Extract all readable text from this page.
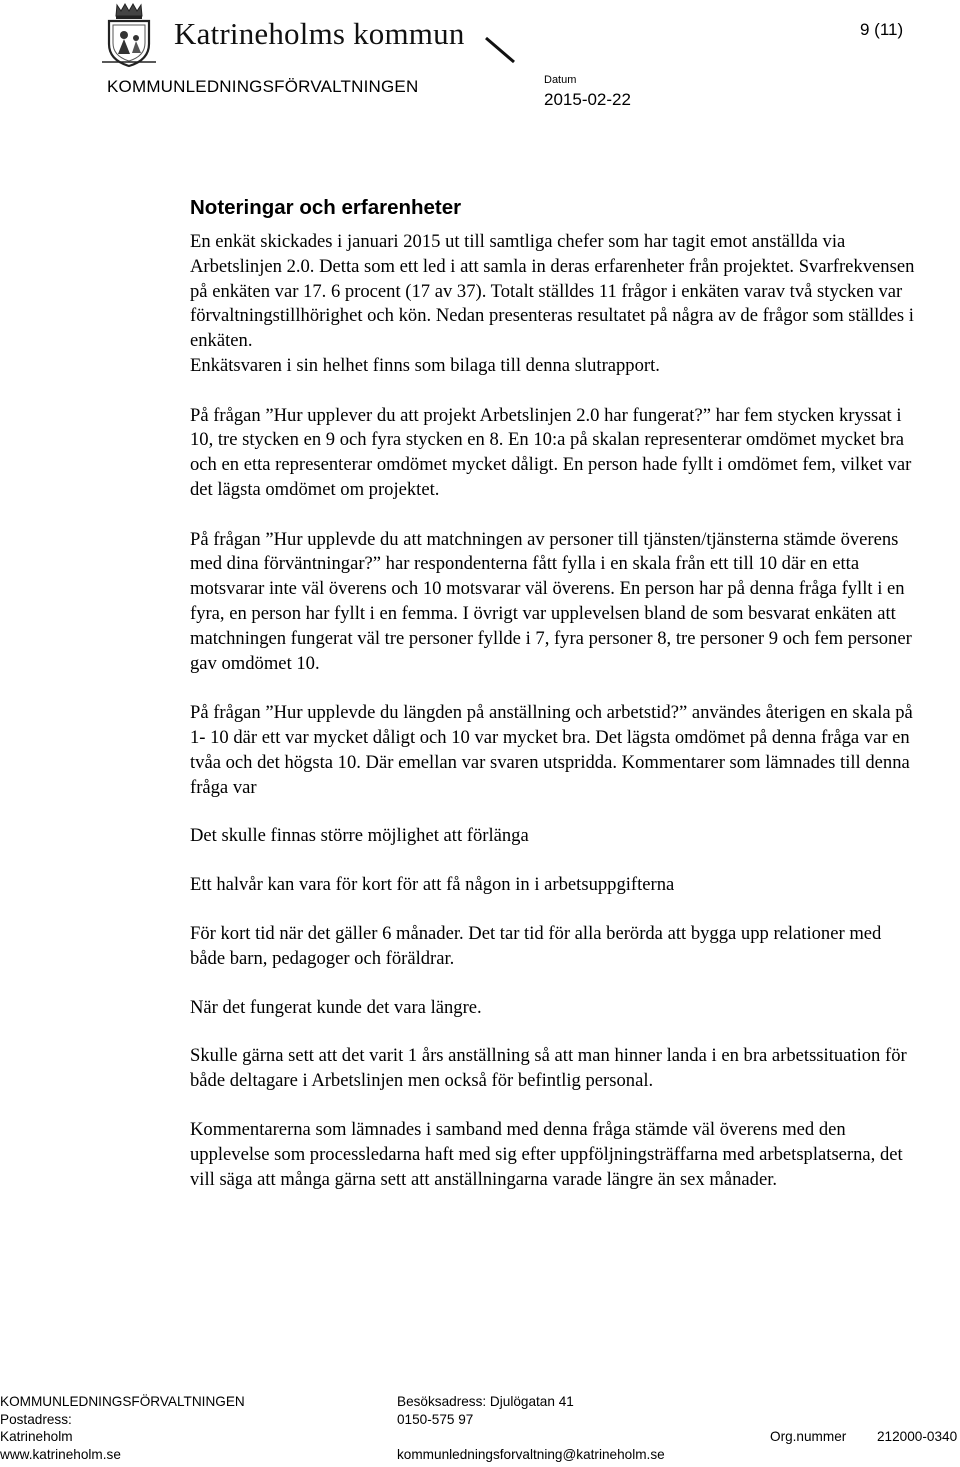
Katrineholms kommun	9 (11)
KOMMUNLEDNINGSFÖRVALTNINGEN	Datum
2015-02-22
Noteringar och erfarenheter

En enkät skickades i januari 2015 ut till samtliga chefer som har tagit emot anställda via Arbetslinjen 2.0. Detta som ett led i att samla in deras erfarenheter från projektet. Svarfrekvensen på enkäten var 17. 6 procent (17 av 37). Totalt ställdes 11 frågor i enkäten varav två stycken var förvaltningstillhörighet och kön. Nedan presenteras resultatet på några av de frågor som ställdes i enkäten.

Enkätsvaren i sin helhet finns som bilaga till denna slutrapport.

På frågan ”Hur upplever du att projekt Arbetslinjen 2.0 har fungerat?” har fem stycken kryssat i 10, tre stycken en 9 och fyra stycken en 8. En 10:a på skalan representerar omdömet mycket bra och en etta representerar omdömet mycket dåligt. En person hade fyllt i omdömet fem, vilket var det lägsta omdömet om projektet.

På frågan ”Hur upplevde du att matchningen av personer till tjänsten/tjänsterna stämde överens med dina förväntningar?” har respondenterna fått fylla i en skala från ett till 10 där en etta motsvarar inte väl överens och 10 motsvarar väl överens. En person har på denna fråga fyllt i en fyra, en person har fyllt i en femma. I övrigt var upplevelsen bland de som besvarat enkäten att matchningen fungerat väl tre personer fyllde i 7, fyra personer 8, tre personer 9 och fem personer gav omdömet 10.

På frågan ”Hur upplevde du längden på anställning och arbetstid?” användes återigen en skala på 1- 10 där ett var mycket dåligt och 10 var mycket bra. Det lägsta omdömet på denna fråga var en tvåa och det högsta 10. Där emellan var svaren utspridda. Kommentarer som lämnades till denna fråga var

Det skulle finnas större möjlighet att förlänga

Ett halvår kan vara för kort för att få någon in i arbetsuppgifterna

För kort tid när det gäller 6 månader. Det tar tid för alla berörda att bygga upp relationer med både barn, pedagoger och föräldrar.

När det fungerat kunde det vara längre.

Skulle gärna sett att det varit 1 års anställning så att man hinner landa i en bra arbetssituation för både deltagare i Arbetslinjen men också för befintlig personal.

Kommentarerna som lämnades i samband med denna fråga stämde väl överens med den upplevelse som processledarna haft med sig efter uppföljningsträffarna med arbetsplatserna, det vill säga att många gärna sett att anställningarna varade längre än sex månader.

KOMMUNLEDNINGSFÖRVALTNINGEN
Postadress:
Katrineholm
www.katrineholm.se
Besöksadress: Djulögatan 41
0150-575 97

kommunledningsforvaltning@katrineholm.se
Org.nummer 212000-0340
